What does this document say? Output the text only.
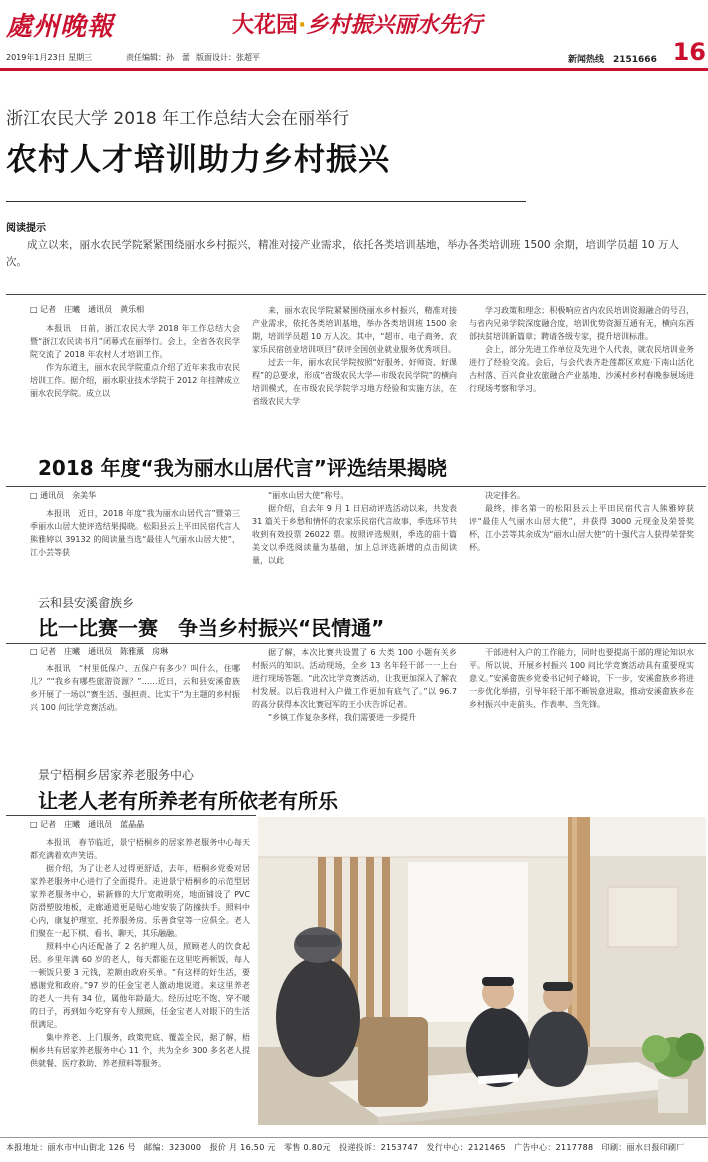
處州晚報	大花园·乡村振兴丽水先行
16
2019年1月23日 星期三	责任编辑：孙　蕾 版面设计：张超平	新闻热线　2151666
浙江农民大学 2018 年工作总结大会在丽举行
农村人才培训助力乡村振兴
阅读提示
成立以来，丽水农民学院紧紧围绕丽水乡村振兴，精准对接产业需求，依托各类培训基地，举办各类培训班 1500 余期，培训学员超 10 万人次。
□ 记者　庄曦　通讯员　黄乐相

本报讯　日前，浙江农民大学 2018 年工作总结大会暨“浙江农民读书月”闭幕式在丽举行。会上，全省各农民学院交流了 2018 年农村人才培训工作。

作为东道主，丽水农民学院重点介绍了近年来我市农民培训工作。据介绍，丽水职业技术学院于 2012 年挂牌成立丽水农民学院。成立以

来，丽水农民学院紧紧围绕丽水乡村振兴，精准对接产业需求，依托各类培训基地，举办各类培训班 1500 余期，培训学员超 10 万人次。其中，“超市、电子商务、农家乐民宿创业培训项目”获评全国创业就业服务优秀项目。

过去一年，丽水农民学院按照“好服务、好师资、好课程”的总要求，形成“省级农民大学—市级农民学院”的横向培训模式，在市级农民学院学习地方经验和实施方法，在省级农民大学

学习政策和理念；积极响应省内农民培训资源融合的号召，与省内兄弟学院深度融合度，培训优势资源互通有无，横向东西部扶贫培训新篇章；聘请各级专家，提升培训标准。

会上，部分先进工作单位及先进个人代表，就农民培训业务进行了经验交流。会后，与会代表齐赴莲都区欢庭·下南山活化古村落、百兴食业农旅融合产业基地、沙溪村乡村春晚参展场进行现场考察和学习。

2018 年度“我为丽水山居代言”评选结果揭晓
□ 通讯员　余美华

本报讯　近日，2018 年度“我为丽水山居代言”暨第三季丽水山居大使评选结果揭晓。松阳县云上平田民宿代言人熊雅婷以 39132 的阅读量当选“最佳人气丽水山居大使”，江小芸等获

“丽水山居大使”称号。

据介绍，自去年 9 月 1 日启动评选活动以来，共发表 31 篇关于乡愁和情怀的农家乐民宿代言故事，季选环节共收到有效投票 26022 票。按照评选规则，季选的前十篇美文以季选阅读量为基础，加上总评选新增的点击阅读量，以此

决定排名。

最终，排名第一的松阳县云上平田民宿代言人熊雅婷获评“最佳人气丽水山居大使”，并获得 3000 元现金及荣誉奖杯，江小芸等其余成为“丽水山居大使”的十强代言人获得荣誉奖杯。

云和县安溪畲族乡
比一比赛一赛　争当乡村振兴“民情通”
□ 记者　庄曦　通讯员　陈雅薰　房琳

本报讯　“村里低保户、五保户有多少？叫什么，住哪儿？”“我乡有哪些旅游资源？”……近日，云和县安溪畲族乡开展了一场以“赛生活、强担责、比实干”为主题的乡村振兴 100 问比学竞赛活动。

据了解，本次比赛共设置了 6 大类 100 小题有关乡村振兴的知识。活动现场，全乡 13 名年轻干部一一上台进行现场答题。“此次比学竞赛活动，让我更加深入了解农村发展。以后我进村入户做工作更加有底气了。”以 96.7 的高分获得本次比赛冠军的王小庆告诉记者。

“乡镇工作复杂多样，我们需要进一步提升

干部进村入户的工作能力，同时也要提高干部的理论知识水平。所以说，开展乡村振兴 100 问比学竞赛活动具有重要现实意义。”安溪畲族乡党委书记何子峰说，下一步，安溪畲族乡将进一步优化举措，引导年轻干部不断锐意进取，推动安溪畲族乡在乡村振兴中走前头、作表率、当先锋。

景宁梧桐乡居家养老服务中心
让老人老有所养老有所依老有所乐
□ 记者　庄曦　通讯员　蓝晶晶

本报讯　春节临近，景宁梧桐乡的居家养老服务中心每天都充满着欢声笑语。

据介绍，为了让老人过得更舒适，去年，梧桐乡党委对居家养老服务中心进行了全面提升。走进景宁梧桐乡的示范型居家养老服务中心，崭新修的大厅宽敞明亮，地面铺设了 PVC 防滑塑胶地板，走廊通道更是贴心地安装了防撞扶手。照料中心内，康复护理室、托养服务房、乐善食堂等一应俱全。老人们聚在一起下棋、看书、聊天，其乐融融。

照料中心内还配备了 2 名护理人员，照顾老人的饮食起居。乡里年满 60 岁的老人，每天都能在这里吃两顿饭，每人一顿饭只要 3 元钱，差额由政府买单。“有这样的好生活，要感谢党和政府。”97 岁的任金宝老人激动地说道。来这里养老的老人一共有 34 位，属他年龄最大。经历过吃不饱、穿不暖的日子，再到如今吃穿有专人照顾，任金宝老人对眼下的生活很满足。

集中养老、上门服务，政策兜底、覆盖全民，据了解，梧桐乡共有居家养老服务中心 11 个，共为全乡 300 多名老人提供就餐、医疗救助、养老照料等服务。

本报地址：丽水市中山街北 126 号　邮编：323000　报价 月 16.50 元　零售 0.80元　投递投诉：2153747　发行中心：2121465　广告中心：2117788　印刷：丽水日报印刷厂
